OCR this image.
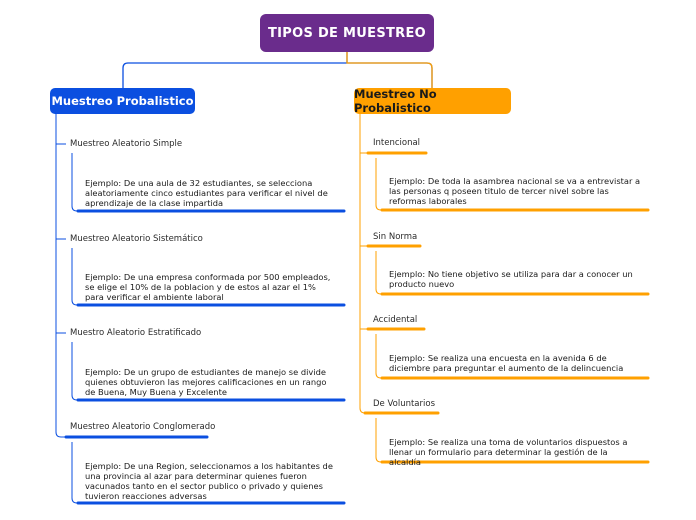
TIPOS DE MUESTREO
Muestreo Probalistico	Muestreo No Probalistico
Muestreo Aleatorio Simple
Ejemplo: De una aula de 32 estudiantes, se selecciona aleatoriamente cinco estudiantes para verificar el nivel de aprendizaje de la clase impartida
Muestreo Aleatorio Sistemático
Ejemplo: De una empresa conformada por 500 empleados, se elige el 10% de la poblacion y de estos al azar el 1% para verificar el ambiente laboral
Muestro Aleatorio Estratificado
Ejemplo: De un grupo de estudiantes de manejo se divide quienes obtuvieron las mejores calificaciones en un rango de Buena, Muy Buena y Excelente
Muestreo Aleatorio Conglomerado
Ejemplo: De una Region, seleccionamos a los habitantes de una provincia al azar para determinar quienes fueron vacunados tanto en el sector publico o privado y quienes tuvieron reacciones adversas
Intencional
Ejemplo: De toda la asambrea nacional se va a entrevistar a las personas q poseen titulo de tercer nivel sobre las reformas laborales
Sin Norma
Ejemplo: No tiene objetivo se utiliza para dar a conocer un producto nuevo
Accidental
Ejemplo: Se realiza una encuesta en la avenida 6 de diciembre para preguntar el aumento de la delincuencia
De Voluntarios
Ejemplo: Se realiza una toma de voluntarios dispuestos a llenar un formulario para determinar la gestión de la alcaldía
